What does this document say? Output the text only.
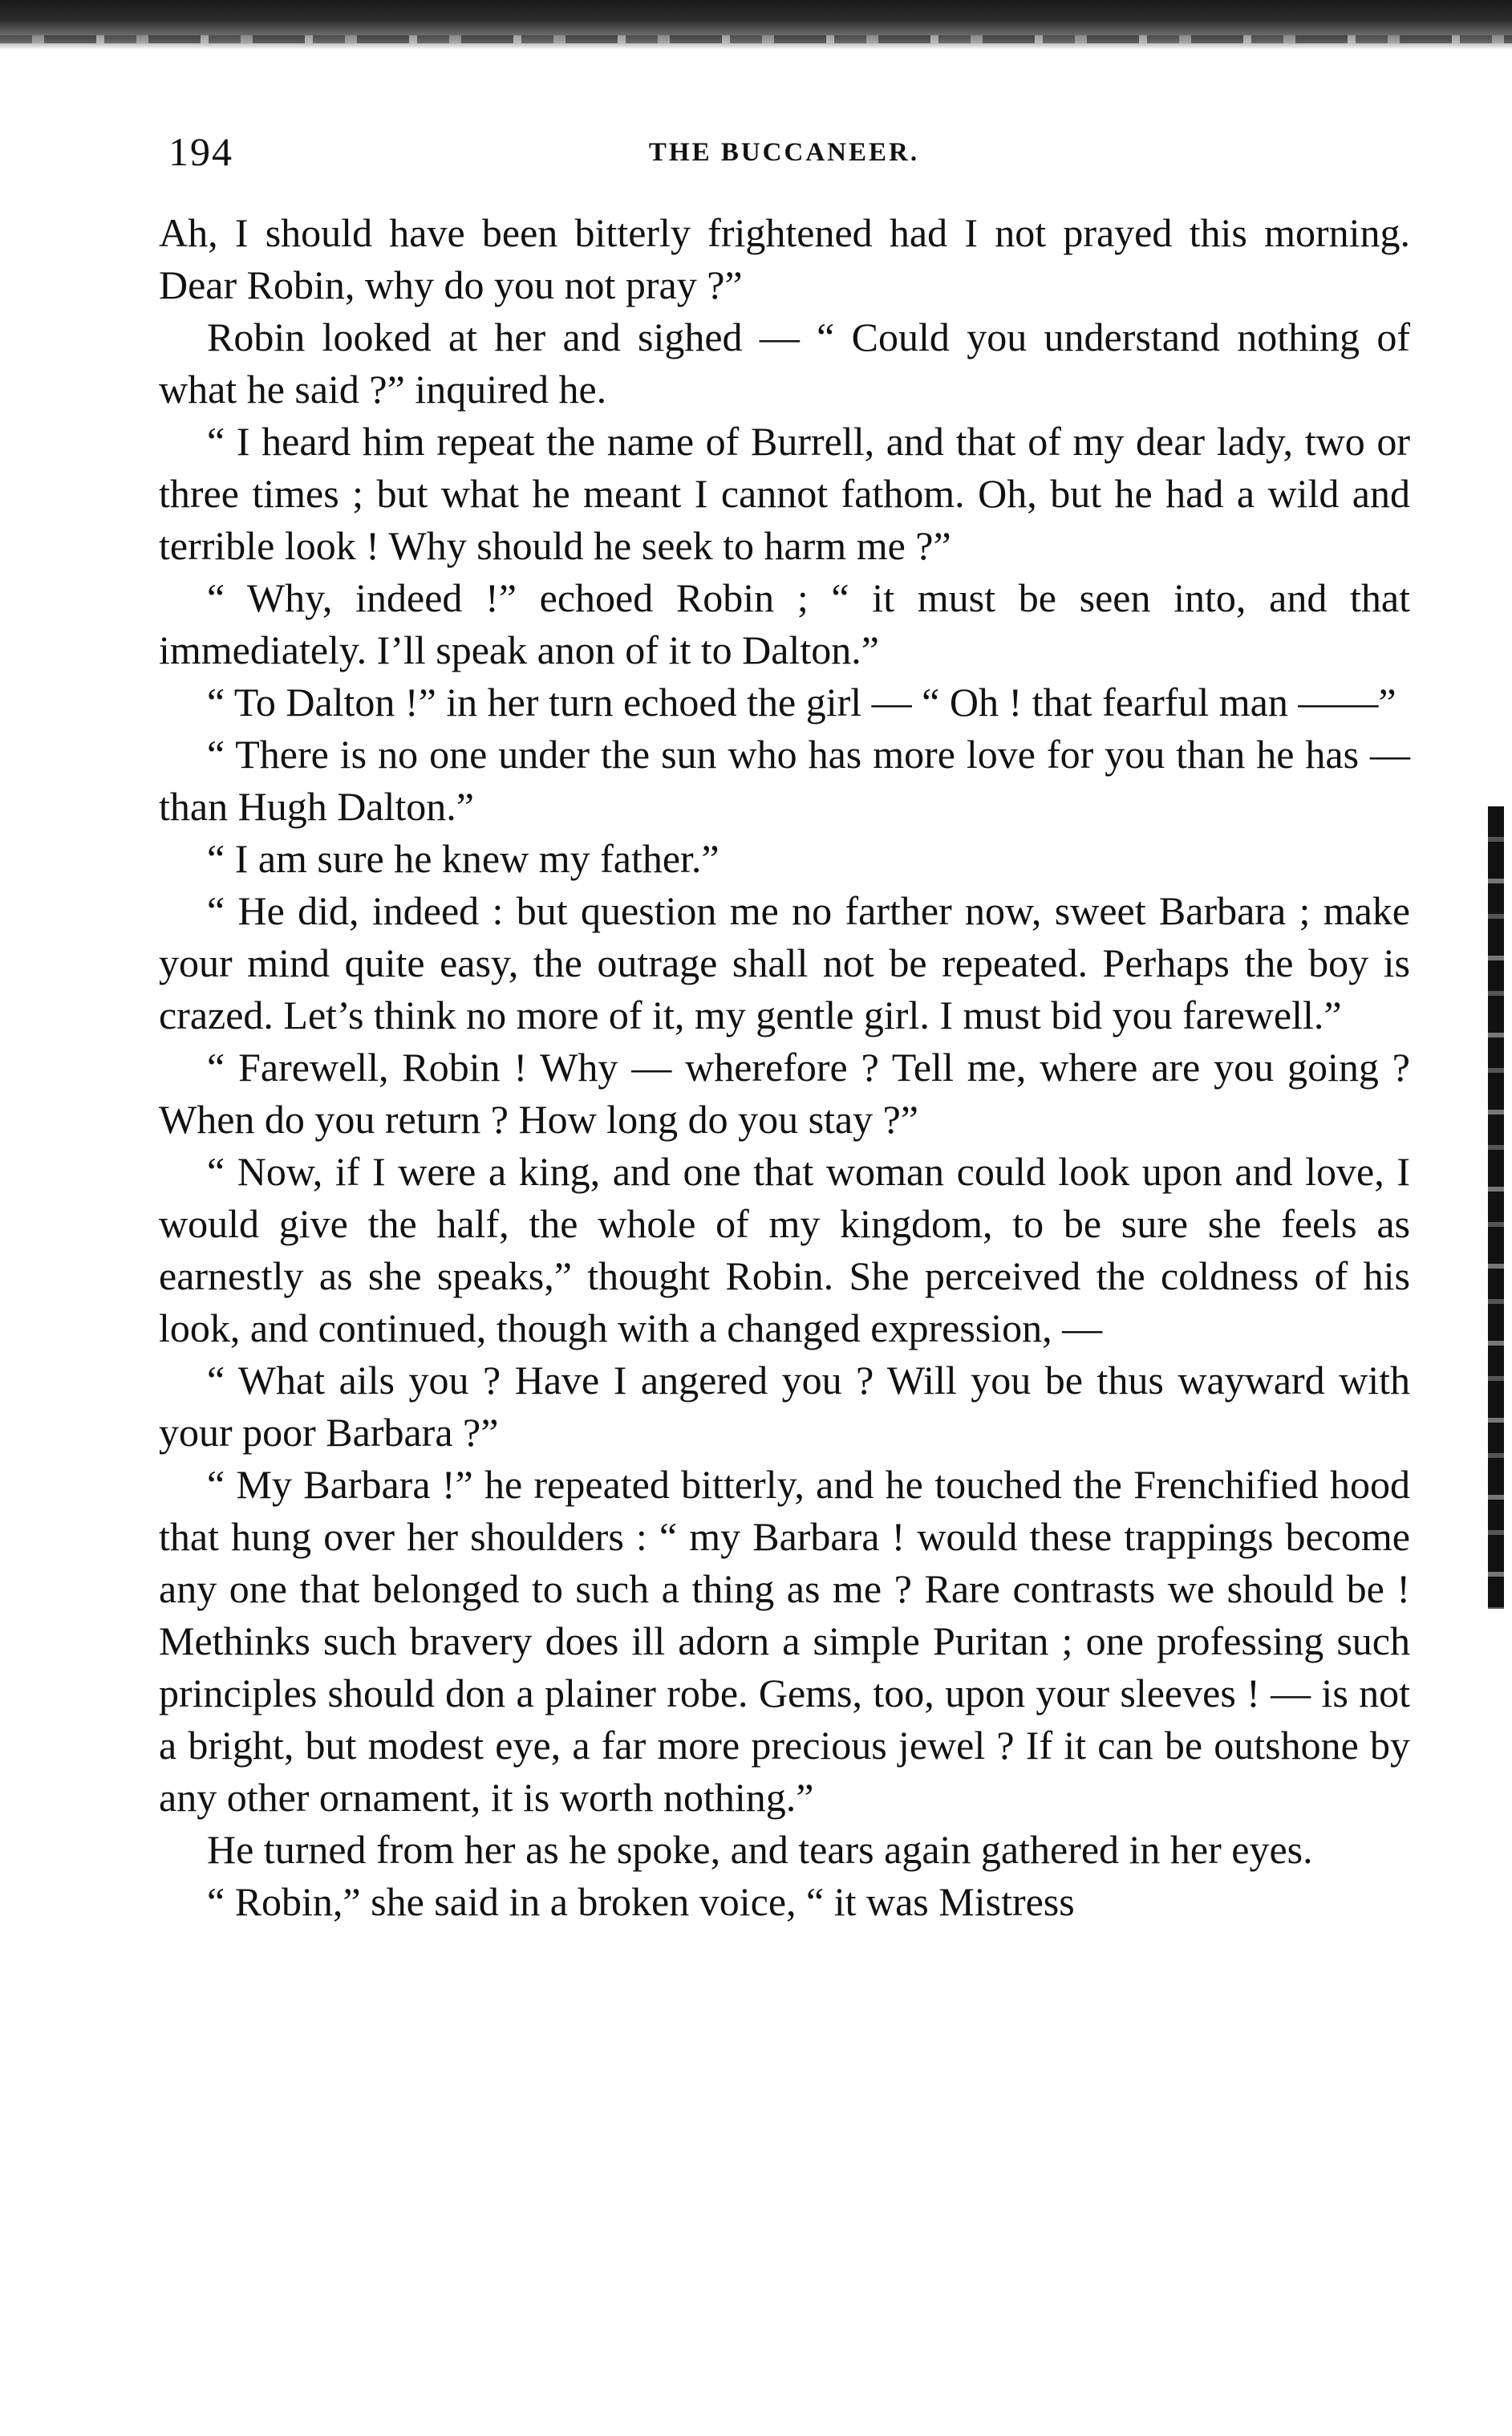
194	THE BUCCANEER.

Ah, I should have been bitterly frightened had I not prayed this morning. Dear Robin, why do you not pray ?”

Robin looked at her and sighed — “ Could you understand nothing of what he said ?” inquired he.

“ I heard him repeat the name of Burrell, and that of my dear lady, two or three times ; but what he meant I cannot fathom. Oh, but he had a wild and terrible look ! Why should he seek to harm me ?”

“ Why, indeed !” echoed Robin ; “ it must be seen into, and that immediately. I’ll speak anon of it to Dalton.”

“ To Dalton !” in her turn echoed the girl — “ Oh ! that fearful man ——”

“ There is no one under the sun who has more love for you than he has — than Hugh Dalton.”

“ I am sure he knew my father.”

“ He did, indeed : but question me no farther now, sweet Barbara ; make your mind quite easy, the outrage shall not be repeated. Perhaps the boy is crazed. Let’s think no more of it, my gentle girl. I must bid you farewell.”

“ Farewell, Robin ! Why — wherefore ? Tell me, where are you going ? When do you return ? How long do you stay ?”

“ Now, if I were a king, and one that woman could look upon and love, I would give the half, the whole of my kingdom, to be sure she feels as earnestly as she speaks,” thought Robin. She perceived the coldness of his look, and continued, though with a changed expression, —

“ What ails you ? Have I angered you ? Will you be thus wayward with your poor Barbara ?”

“ My Barbara !” he repeated bitterly, and he touched the Frenchified hood that hung over her shoulders : “ my Barbara ! would these trappings become any one that belonged to such a thing as me ? Rare contrasts we should be ! Methinks such bravery does ill adorn a simple Puritan ; one professing such principles should don a plainer robe. Gems, too, upon your sleeves ! — is not a bright, but modest eye, a far more precious jewel ? If it can be outshone by any other ornament, it is worth nothing.”

He turned from her as he spoke, and tears again gathered in her eyes.

“ Robin,” she said in a broken voice, “ it was Mistress
